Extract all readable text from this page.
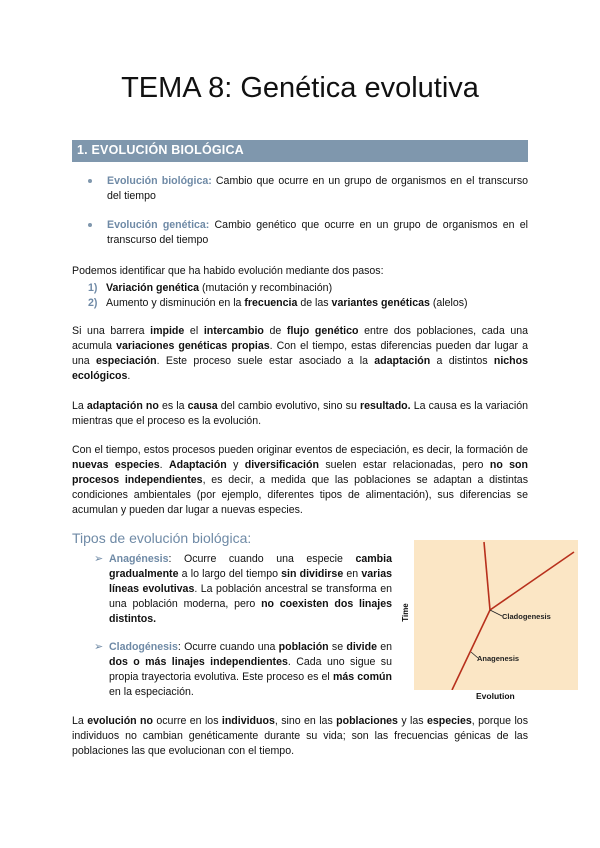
TEMA 8: Genética evolutiva
1. EVOLUCIÓN BIOLÓGICA
Evolución biológica: Cambio que ocurre en un grupo de organismos en el transcurso del tiempo
Evolución genética: Cambio genético que ocurre en un grupo de organismos en el transcurso del tiempo
Podemos identificar que ha habido evolución mediante dos pasos:
1) Variación genética (mutación y recombinación)
2) Aumento y disminución en la frecuencia de las variantes genéticas (alelos)
Si una barrera impide el intercambio de flujo genético entre dos poblaciones, cada una acumula variaciones genéticas propias. Con el tiempo, estas diferencias pueden dar lugar a una especiación. Este proceso suele estar asociado a la adaptación a distintos nichos ecológicos.
La adaptación no es la causa del cambio evolutivo, sino su resultado. La causa es la variación mientras que el proceso es la evolución.
Con el tiempo, estos procesos pueden originar eventos de especiación, es decir, la formación de nuevas especies. Adaptación y diversificación suelen estar relacionadas, pero no son procesos independientes, es decir, a medida que las poblaciones se adaptan a distintas condiciones ambientales (por ejemplo, diferentes tipos de alimentación), sus diferencias se acumulan y pueden dar lugar a nuevas especies.
Tipos de evolución biológica:
➢ Anagénesis: Ocurre cuando una especie cambia gradualmente a lo largo del tiempo sin dividirse en varias líneas evolutivas. La población ancestral se transforma en una población moderna, pero no coexisten dos linajes distintos.
➢ Cladogénesis: Ocurre cuando una población se divide en dos o más linajes independientes. Cada uno sigue su propia trayectoria evolutiva. Este proceso es el más común en la especiación.
Cladogenesis
Anagenesis
Time
Evolution
La evolución no ocurre en los individuos, sino en las poblaciones y las especies, porque los individuos no cambian genéticamente durante su vida; son las frecuencias génicas de las poblaciones las que evolucionan con el tiempo.
